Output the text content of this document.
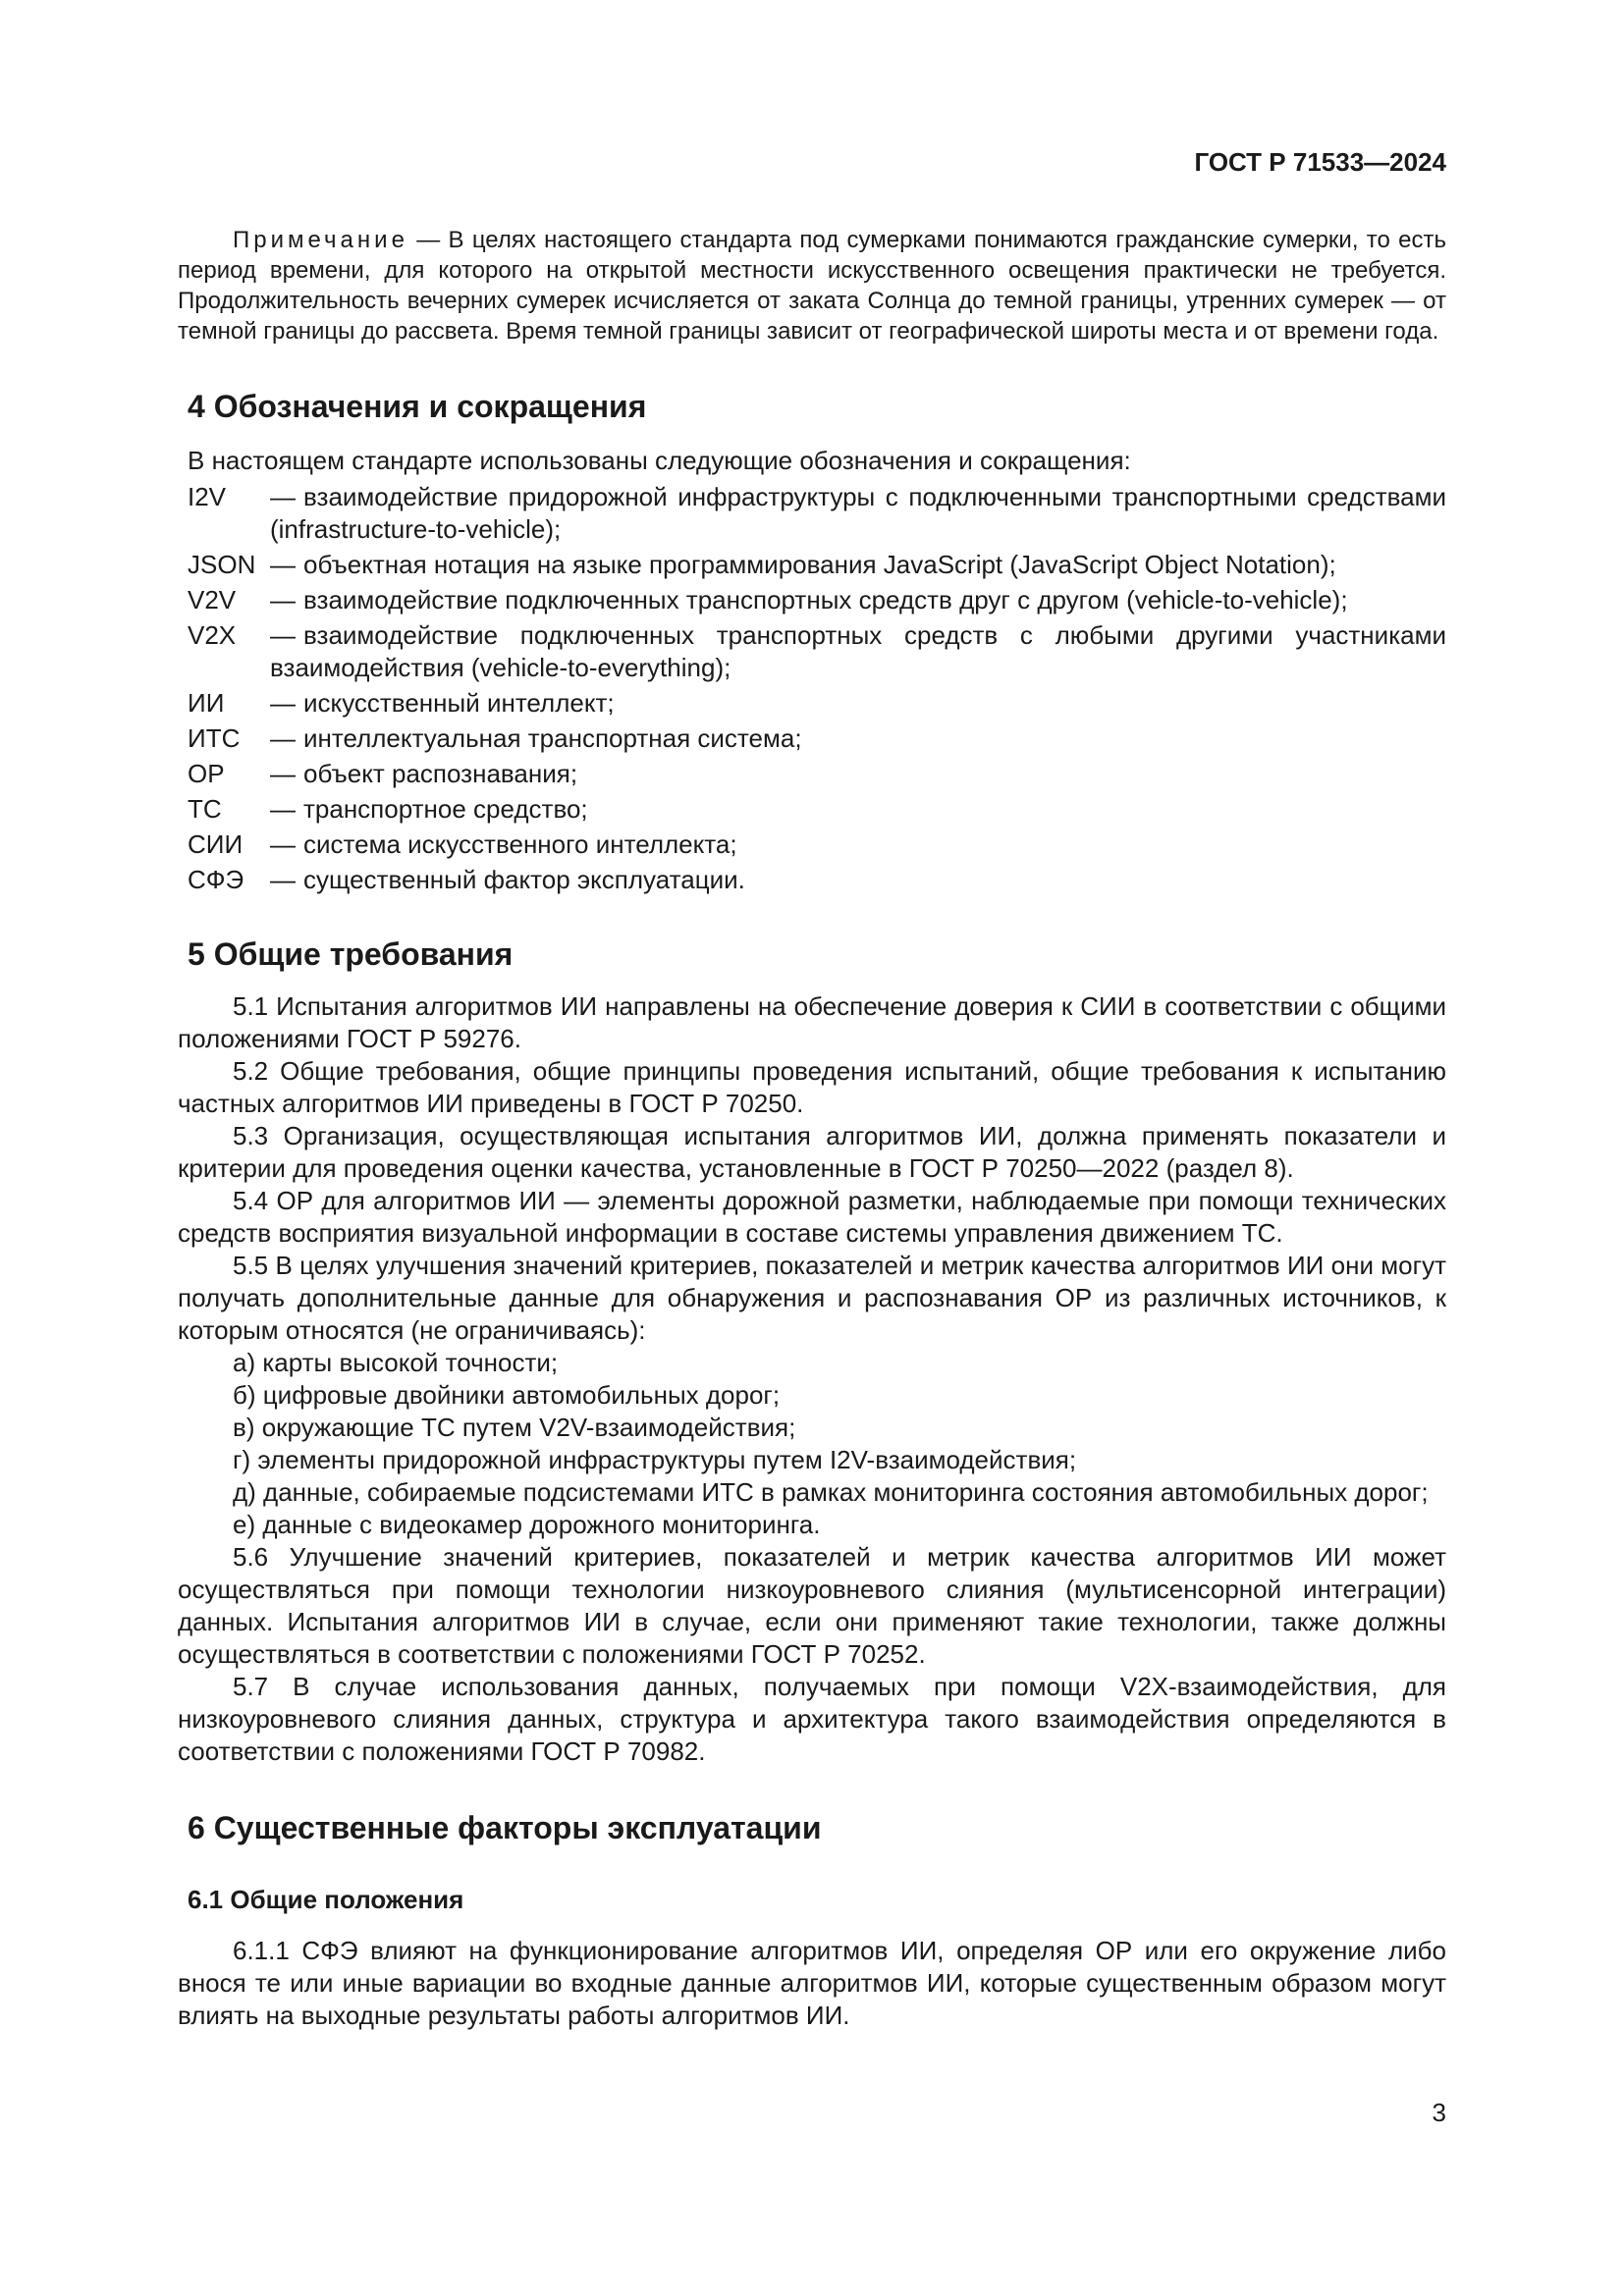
ГОСТ Р 71533—2024

Примечание — В целях настоящего стандарта под сумерками понимаются гражданские сумерки, то есть период времени, для которого на открытой местности искусственного освещения практически не требуется. Продолжительность вечерних сумерек исчисляется от заката Солнца до темной границы, утренних сумерек — от темной границы до рассвета. Время темной границы зависит от географической широты места и от времени года.

4 Обозначения и сокращения

В настоящем стандарте использованы следующие обозначения и сокращения:

I2V	— взаимодействие придорожной инфраструктуры с подключенными транспортными средствами (infrastructure-to-vehicle);
JSON — объектная нотация на языке программирования JavaScript (JavaScript Object Notation);
V2V	— взаимодействие подключенных транспортных средств друг с другом (vehicle-to-vehicle);
V2X	— взаимодействие подключенных транспортных средств с любыми другими участниками взаимодействия (vehicle-to-everything);
ИИ	— искусственный интеллект;
ИТС	— интеллектуальная транспортная система;
ОР	— объект распознавания;
ТС	— транспортное средство;
СИИ	— система искусственного интеллекта;
СФЭ	— существенный фактор эксплуатации.
5 Общие требования

5.1 Испытания алгоритмов ИИ направлены на обеспечение доверия к СИИ в соответствии с общими положениями ГОСТ Р 59276.

5.2 Общие требования, общие принципы проведения испытаний, общие требования к испытанию частных алгоритмов ИИ приведены в ГОСТ Р 70250.

5.3 Организация, осуществляющая испытания алгоритмов ИИ, должна применять показатели и критерии для проведения оценки качества, установленные в ГОСТ Р 70250—2022 (раздел 8).

5.4 ОР для алгоритмов ИИ — элементы дорожной разметки, наблюдаемые при помощи технических средств восприятия визуальной информации в составе системы управления движением ТС.

5.5 В целях улучшения значений критериев, показателей и метрик качества алгоритмов ИИ они могут получать дополнительные данные для обнаружения и распознавания ОР из различных источников, к которым относятся (не ограничиваясь):

а) карты высокой точности;

б) цифровые двойники автомобильных дорог;

в) окружающие ТС путем V2V-взаимодействия;

г) элементы придорожной инфраструктуры путем I2V-взаимодействия;

д) данные, собираемые подсистемами ИТС в рамках мониторинга состояния автомобильных дорог;

е) данные с видеокамер дорожного мониторинга.

5.6 Улучшение значений критериев, показателей и метрик качества алгоритмов ИИ может осуществляться при помощи технологии низкоуровневого слияния (мультисенсорной интеграции) данных. Испытания алгоритмов ИИ в случае, если они применяют такие технологии, также должны осуществляться в соответствии с положениями ГОСТ Р 70252.

5.7 В случае использования данных, получаемых при помощи V2X-взаимодействия, для низкоуровневого слияния данных, структура и архитектура такого взаимодействия определяются в соответствии с положениями ГОСТ Р 70982.

6 Существенные факторы эксплуатации
6.1 Общие положения

6.1.1 СФЭ влияют на функционирование алгоритмов ИИ, определяя ОР или его окружение либо внося те или иные вариации во входные данные алгоритмов ИИ, которые существенным образом могут влиять на выходные результаты работы алгоритмов ИИ.

3
